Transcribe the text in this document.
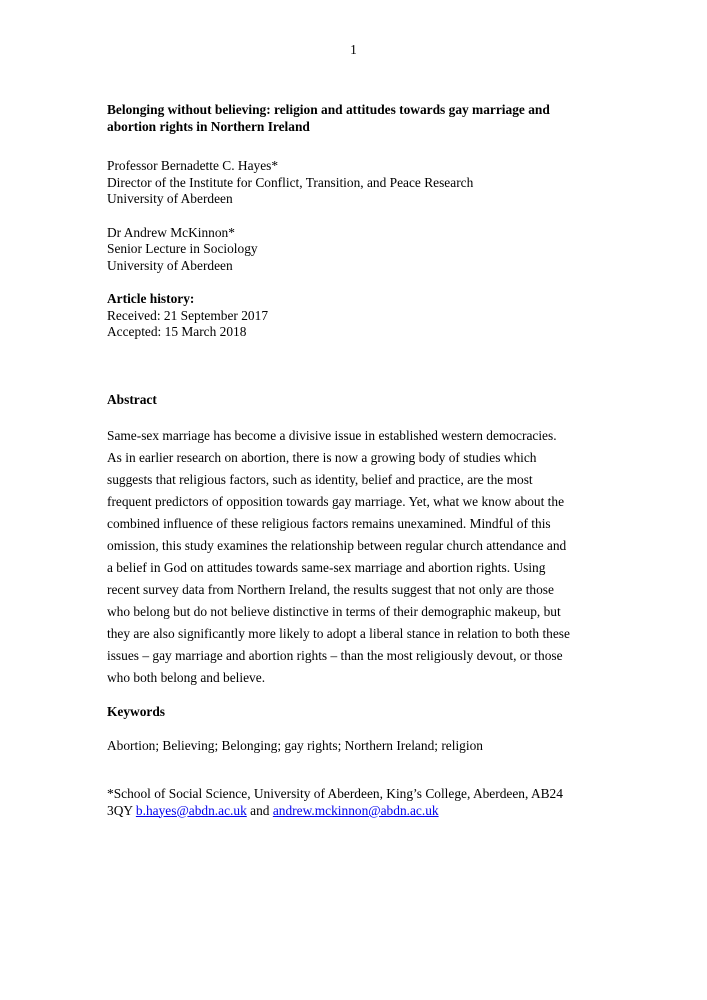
1
Belonging without believing: religion and attitudes towards gay marriage and
abortion rights in Northern Ireland
Professor Bernadette C. Hayes*
Director of the Institute for Conflict, Transition, and Peace Research
University of Aberdeen
Dr Andrew McKinnon*
Senior Lecture in Sociology
University of Aberdeen
Article history:
Received: 21 September 2017
Accepted: 15 March 2018
Abstract
Same-sex marriage has become a divisive issue in established western democracies.
As in earlier research on abortion, there is now a growing body of studies which
suggests that religious factors, such as identity, belief and practice, are the most
frequent predictors of opposition towards gay marriage. Yet, what we know about the
combined influence of these religious factors remains unexamined. Mindful of this
omission, this study examines the relationship between regular church attendance and
a belief in God on attitudes towards same-sex marriage and abortion rights. Using
recent survey data from Northern Ireland, the results suggest that not only are those
who belong but do not believe distinctive in terms of their demographic makeup, but
they are also significantly more likely to adopt a liberal stance in relation to both these
issues – gay marriage and abortion rights – than the most religiously devout, or those
who both belong and believe.
Keywords
Abortion; Believing; Belonging; gay rights; Northern Ireland; religion
*School of Social Science, University of Aberdeen, King’s College, Aberdeen, AB24
3QY b.hayes@abdn.ac.uk and andrew.mckinnon@abdn.ac.uk
